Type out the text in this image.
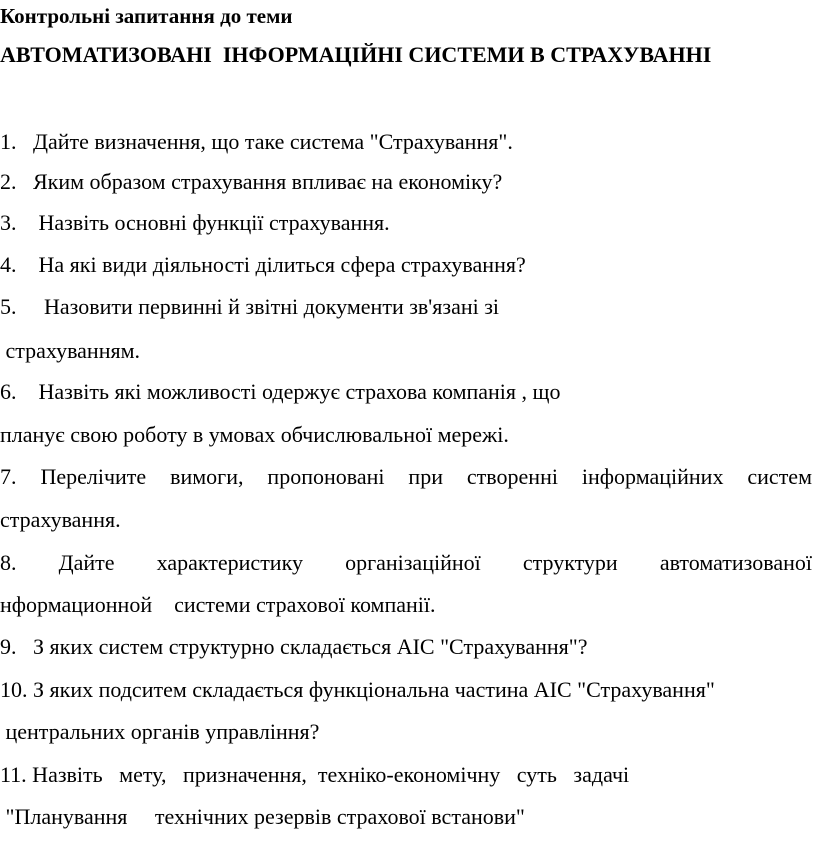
Контрольні запитання до теми
АВТОМАТИЗОВАНІ  ІНФОРМАЦІЙНІ СИСТЕМИ В СТРАХУВАННІ
1.   Дайте визначення, що таке система "Страхування".
2.   Яким образом страхування впливає на економіку?
3.    Назвіть основні функції страхування.
4.    На які види діяльності ділиться сфера страхування?
5.     Назовити первинні й звітні документи зв'язані зі
страхуванням.
6.    Назвіть які можливості одержує страхова компанія , що
планує свою роботу в умовах обчислювальної мережі.
7. Перелічите вимоги, пропоновані при створенні інформаційних систем
страхування.
8. Дайте характеристику організаційної структури автоматизованої
нформационной    системи страхової компанії.
9.   З яких систем структурно складається АІС "Страхування"?
10. З яких подситем складається функціональна частина АІС "Страхування"
центральних органів управління?
11. Назвіть   мету,   призначення,  техніко-економічну   суть   задачі
"Планування     технічних резервів страхової встанови"
